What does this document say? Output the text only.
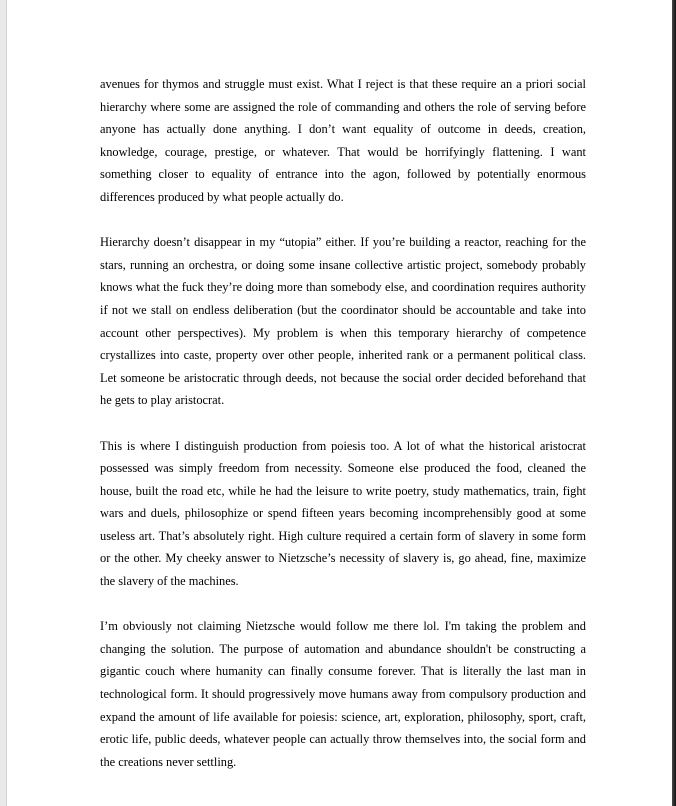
avenues for thymos and struggle must exist. What I reject is that these require an a priori social hierarchy where some are assigned the role of commanding and others the role of serving before anyone has actually done anything. I don’t want equality of outcome in deeds, creation, knowledge, courage, prestige, or whatever. That would be horrifyingly flattening. I want something closer to equality of entrance into the agon, followed by potentially enormous differences produced by what people actually do.

Hierarchy doesn’t disappear in my “utopia” either. If you’re building a reactor, reaching for the stars, running an orchestra, or doing some insane collective artistic project, somebody probably knows what the fuck they’re doing more than somebody else, and coordination requires authority if not we stall on endless deliberation (but the coordinator should be accountable and take into account other perspectives). My problem is when this temporary hierarchy of competence crystallizes into caste, property over other people, inherited rank or a permanent political class. Let someone be aristocratic through deeds, not because the social order decided beforehand that he gets to play aristocrat.

This is where I distinguish production from poiesis too. A lot of what the historical aristocrat possessed was simply freedom from necessity. Someone else produced the food, cleaned the house, built the road etc, while he had the leisure to write poetry, study mathematics, train, fight wars and duels, philosophize or spend fifteen years becoming incomprehensibly good at some useless art. That’s absolutely right. High culture required a certain form of slavery in some form or the other. My cheeky answer to Nietzsche’s necessity of slavery is, go ahead, fine, maximize the slavery of the machines.

I’m obviously not claiming Nietzsche would follow me there lol. I'm taking the problem and changing the solution. The purpose of automation and abundance shouldn't be constructing a gigantic couch where humanity can finally consume forever. That is literally the last man in technological form. It should progressively move humans away from compulsory production and expand the amount of life available for poiesis: science, art, exploration, philosophy, sport, craft, erotic life, public deeds, whatever people can actually throw themselves into, the social form and the creations never settling.
